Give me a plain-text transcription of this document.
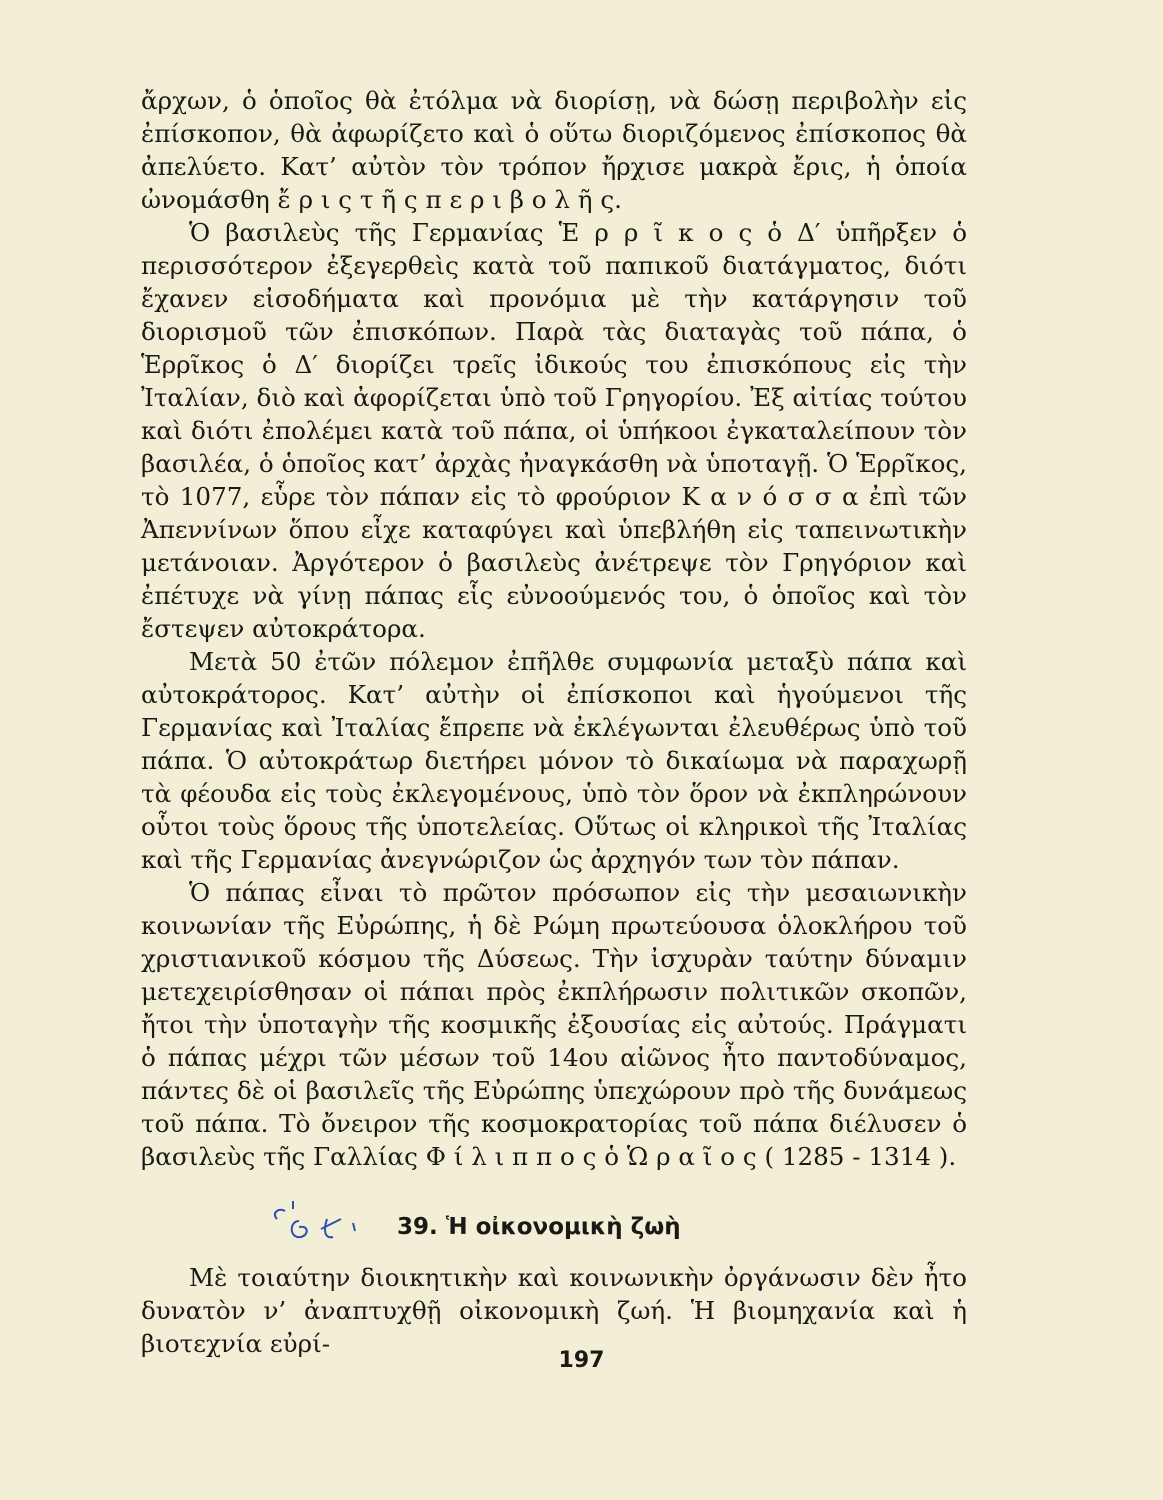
ἄρχων, ὁ ὁποῖος θὰ ἐτόλμα νὰ διορίσῃ, νὰ δώσῃ περιβολὴν εἰς ἐπίσκοπον, θὰ ἀφωρίζετο καὶ ὁ οὕτω διοριζόμενος ἐπίσκοπος θὰ ἀπελύετο. Κατ’ αὐτὸν τὸν τρόπον ἤρχισε μακρὰ ἔρις, ἡ ὁποία ὠνομάσθη ἔ ρ ι ς τ ῆ ς π ε ρ ι β ο λ ῆ ς.

Ὁ βασιλεὺς τῆς Γερμανίας Ἑ ρ ρ ῖ κ ο ς ὁ Δ′ ὑπῆρξεν ὁ περισσότερον ἐξεγερθεὶς κατὰ τοῦ παπικοῦ διατάγματος, διότι ἔχανεν εἰσοδήματα καὶ προνόμια μὲ τὴν κατάργησιν τοῦ διορισμοῦ τῶν ἐπισκόπων. Παρὰ τὰς διαταγὰς τοῦ πάπα, ὁ Ἑρρῖκος ὁ Δ′ διορίζει τρεῖς ἰδικούς του ἐπισκόπους εἰς τὴν Ἰταλίαν, διὸ καὶ ἀφορίζεται ὑπὸ τοῦ Γρηγορίου. Ἐξ αἰτίας τούτου καὶ διότι ἐπολέμει κατὰ τοῦ πάπα, οἱ ὑπήκοοι ἐγκαταλείπουν τὸν βασιλέα, ὁ ὁποῖος κατ’ ἀρχὰς ἠναγκάσθη νὰ ὑποταγῇ. Ὁ Ἑρρῖκος, τὸ 1077, εὗρε τὸν πάπαν εἰς τὸ φρούριον Κ α ν ό σ σ α ἐπὶ τῶν Ἀπεννίνων ὅπου εἶχε καταφύγει καὶ ὑπεβλήθη εἰς ταπεινωτικὴν μετάνοιαν. Ἀργότερον ὁ βασιλεὺς ἀνέτρεψε τὸν Γρηγόριον καὶ ἐπέτυχε νὰ γίνῃ πάπας εἷς εὐνοούμενός του, ὁ ὁποῖος καὶ τὸν ἔστεψεν αὐτοκράτορα.

Μετὰ 50 ἐτῶν πόλεμον ἐπῆλθε συμφωνία μεταξὺ πάπα καὶ αὐτοκράτορος. Κατ’ αὐτὴν οἱ ἐπίσκοποι καὶ ἡγούμενοι τῆς Γερμανίας καὶ Ἰταλίας ἔπρεπε νὰ ἐκλέγωνται ἐλευθέρως ὑπὸ τοῦ πάπα. Ὁ αὐτοκράτωρ διετήρει μόνον τὸ δικαίωμα νὰ παραχωρῇ τὰ φέουδα εἰς τοὺς ἐκλεγομένους, ὑπὸ τὸν ὅρον νὰ ἐκπληρώνουν οὗτοι τοὺς ὅρους τῆς ὑποτελείας. Οὕτως οἱ κληρικοὶ τῆς Ἰταλίας καὶ τῆς Γερμανίας ἀνεγνώριζον ὡς ἀρχηγόν των τὸν πάπαν.

Ὁ πάπας εἶναι τὸ πρῶτον πρόσωπον εἰς τὴν μεσαιωνικὴν κοινωνίαν τῆς Εὐρώπης, ἡ δὲ Ρώμη πρωτεύουσα ὁλοκλήρου τοῦ χριστιανικοῦ κόσμου τῆς Δύσεως. Τὴν ἰσχυρὰν ταύτην δύναμιν μετεχειρίσθησαν οἱ πάπαι πρὸς ἐκπλήρωσιν πολιτικῶν σκοπῶν, ἤτοι τὴν ὑποταγὴν τῆς κοσμικῆς ἐξουσίας εἰς αὐτούς. Πράγματι ὁ πάπας μέχρι τῶν μέσων τοῦ 14ου αἰῶνος ἦτο παντοδύναμος, πάντες δὲ οἱ βασιλεῖς τῆς Εὐρώπης ὑπεχώρουν πρὸ τῆς δυνάμεως τοῦ πάπα. Τὸ ὄνειρον τῆς κοσμοκρατορίας τοῦ πάπα διέλυσεν ὁ βασιλεὺς τῆς Γαλλίας Φ ί λ ι π π ο ς ὁ Ὡ ρ α ῖ ο ς ( 1285 - 1314 ).

39. Ἡ οἰκονομικὴ ζωὴ

Μὲ τοιαύτην διοικητικὴν καὶ κοινωνικὴν ὀργάνωσιν δὲν ἦτο δυνατὸν ν’ ἀναπτυχθῇ οἰκονομικὴ ζωή. Ἡ βιομηχανία καὶ ἡ βιοτεχνία εὐρί-

197
